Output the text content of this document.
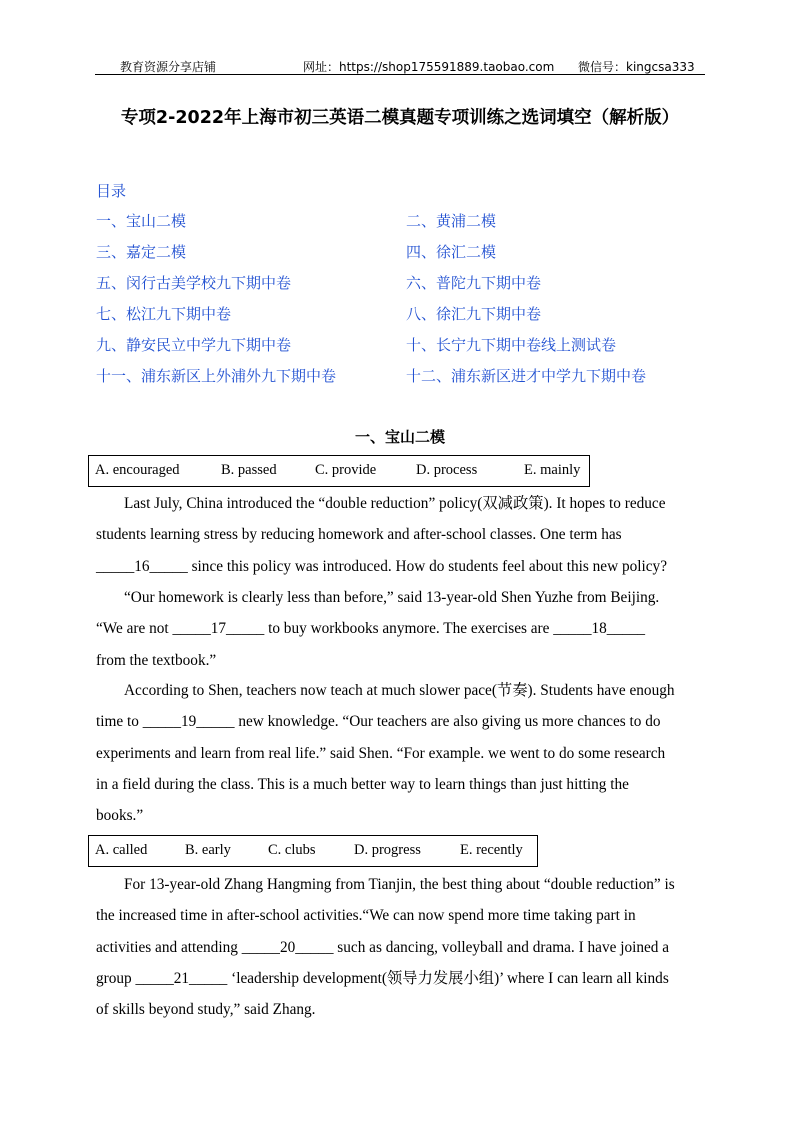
教育资源分享店铺	网址：https://shop175591889.taobao.com 微信号：kingcsa333
专项2-2022年上海市初三英语二模真题专项训练之选词填空（解析版）
目录
一、宝山二模	二、黄浦二模
三、嘉定二模	四、徐汇二模
五、闵行古美学校九下期中卷	六、普陀九下期中卷
七、松江九下期中卷	八、徐汇九下期中卷
九、静安民立中学九下期中卷	十、长宁九下期中卷线上测试卷
十一、浦东新区上外浦外九下期中卷	十二、浦东新区进才中学九下期中卷
一、宝山二模
A. encouraged	B. passed	C. provide	D. process	E. mainly
Last July, China introduced the “double reduction” policy(双减政策). It hopes to reduce
students learning stress by reducing homework and after-school classes. One term has
_____16_____ since this policy was introduced. How do students feel about this new policy?
“Our homework is clearly less than before,” said 13-year-old Shen Yuzhe from Beijing.
“We are not _____17_____ to buy workbooks anymore. The exercises are _____18_____
from the textbook.”
According to Shen, teachers now teach at much slower pace(节奏). Students have enough
time to _____19_____ new knowledge. “Our teachers are also giving us more chances to do
experiments and learn from real life.” said Shen. “For example. we went to do some research
in a field during the class. This is a much better way to learn things than just hitting the
books.”
A. called	B. early	C. clubs	D. progress	E. recently
For 13-year-old Zhang Hangming from Tianjin, the best thing about “double reduction” is
the increased time in after-school activities.“We can now spend more time taking part in
activities and attending _____20_____ such as dancing, volleyball and drama. I have joined a
group _____21_____ ‘leadership development(领导力发展小组)’ where I can learn all kinds
of skills beyond study,” said Zhang.
